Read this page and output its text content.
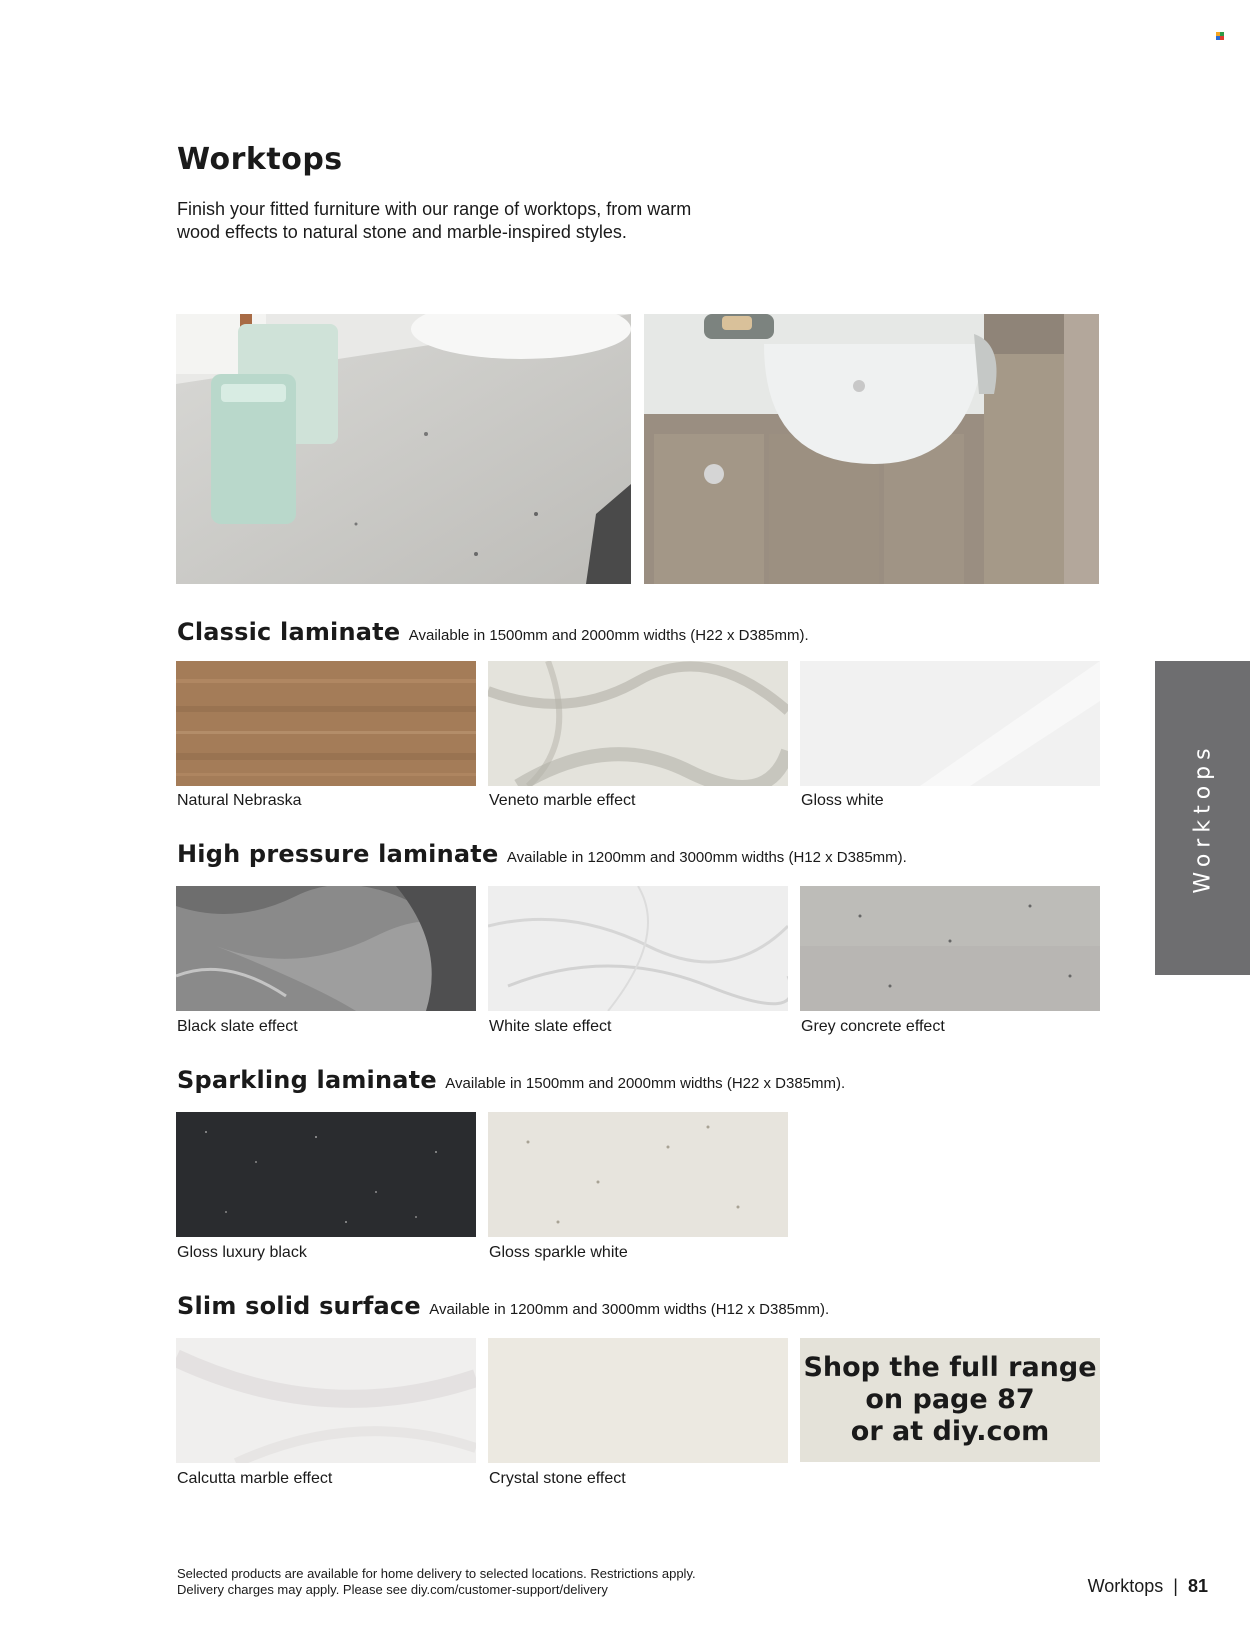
Worktops
Finish your fitted furniture with our range of worktops, from warm
wood effects to natural stone and marble-inspired styles.
Classic laminate Available in 1500mm and 2000mm widths (H22 x D385mm).
Natural Nebraska	Veneto marble effect	Gloss white
High pressure laminate Available in 1200mm and 3000mm widths (H12 x D385mm).
Black slate effect	White slate effect	Grey concrete effect
Sparkling laminate Available in 1500mm and 2000mm widths (H22 x D385mm).
Gloss luxury black	Gloss sparkle white
Slim solid surface Available in 1200mm and 3000mm widths (H12 x D385mm).
Calcutta marble effect	Crystal stone effect
Shop the full range
on page 87
or at diy.com
Worktops
Selected products are available for home delivery to selected locations. Restrictions apply.
Delivery charges may apply. Please see diy.com/customer-support/delivery	Worktops | 81
